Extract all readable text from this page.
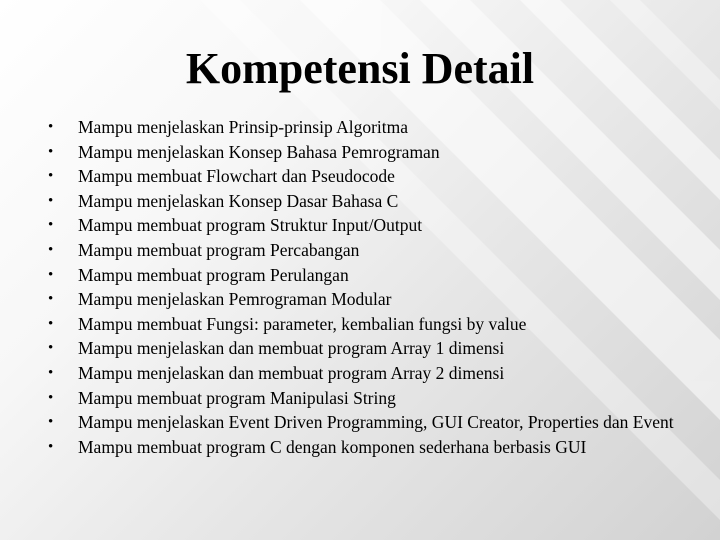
Kompetensi Detail
•	Mampu menjelaskan Prinsip-prinsip Algoritma
•	Mampu menjelaskan Konsep Bahasa Pemrograman
•	Mampu membuat Flowchart dan Pseudocode
•	Mampu menjelaskan Konsep Dasar Bahasa C
•	Mampu membuat program Struktur Input/Output
•	Mampu membuat program Percabangan
•	Mampu membuat program Perulangan
•	Mampu menjelaskan Pemrograman Modular
•	Mampu membuat Fungsi: parameter, kembalian fungsi by value
•	Mampu menjelaskan dan membuat program Array 1 dimensi
•	Mampu menjelaskan dan membuat program Array 2 dimensi
•	Mampu membuat program Manipulasi String
•	Mampu menjelaskan Event Driven Programming, GUI Creator, Properties dan Event
•	Mampu membuat program C dengan komponen sederhana berbasis GUI
